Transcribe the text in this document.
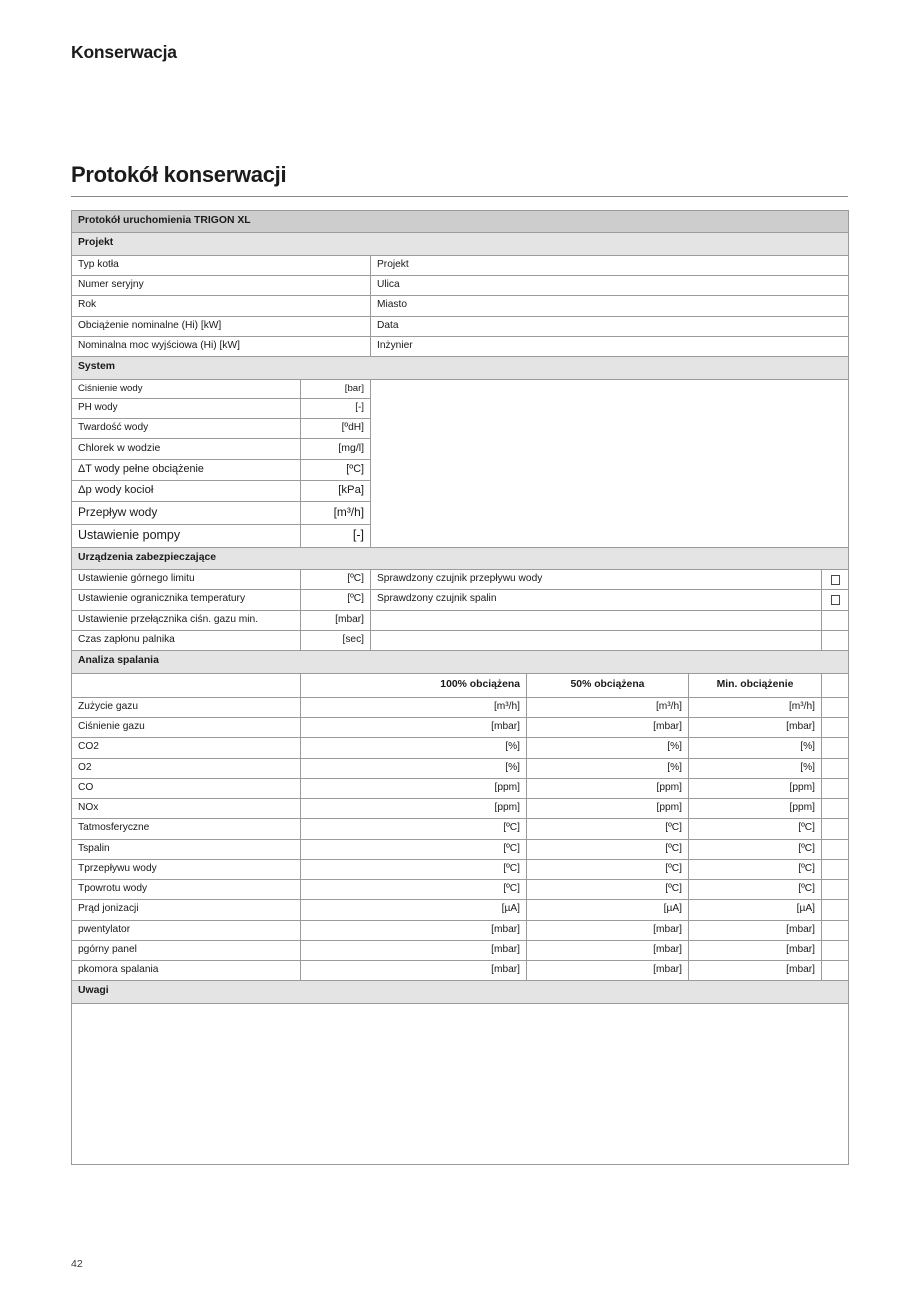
Konserwacja
Protokół konserwacji
Protokół uruchomienia TRIGON XL					

Projekt					

Typ kotła		Projekt			

Numer seryjny		Ulica			

Rok		Miasto			

Obciążenie nominalne (Hi) [kW]		Data			

Nominalna moc wyjściowa (Hi) [kW]		Inżynier			

System					

Ciśnienie wody	[bar]				

PH wody	[-]				

Twardość wody	[ºdH]				

Chlorek w wodzie	[mg/l]				

ΔT wody pełne obciążenie	[ºC]				

Δp wody kocioł	[kPa]				

Przepływ wody	[m³/h]				

Ustawienie pompy	[-]				

Urządzenia zabezpieczające					

Ustawienie górnego limitu	[ºC]	Sprawdzony czujnik przepływu wody			

Ustawienie ogranicznika temperatury	[ºC]	Sprawdzony czujnik spalin			

Ustawienie przełącznika ciśn. gazu min.	[mbar]				

Czas zapłonu palnika	[sec]				

Analiza spalania					

	100% obciążena		50% obciążena	Min. obciążenie	

Zużycie gazu	[m³/h]		[m³/h]	[m³/h]	

Ciśnienie gazu	[mbar]		[mbar]	[mbar]	

CO2	[%]		[%]	[%]	

O2	[%]		[%]	[%]	

CO	[ppm]		[ppm]	[ppm]	

NOx	[ppm]		[ppm]	[ppm]	

Tatmosferyczne	[ºC]		[ºC]	[ºC]	

Tspalin	[ºC]		[ºC]	[ºC]	

Tprzepływu wody	[ºC]		[ºC]	[ºC]	

Tpowrotu wody	[ºC]		[ºC]	[ºC]	

Prąd jonizacji	[µA]		[µA]	[µA]	

pwentylator	[mbar]		[mbar]	[mbar]	

pgórny panel	[mbar]		[mbar]	[mbar]	

pkomora spalania	[mbar]		[mbar]	[mbar]	

Uwagi					

42
